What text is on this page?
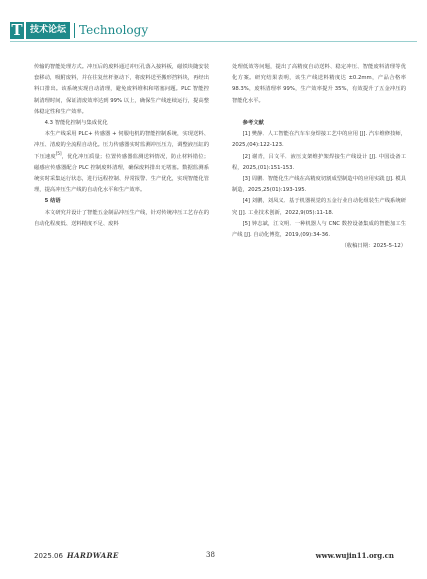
T 技术论坛	Technology

传输的智能处理方式。冲压后的废料通过冲压孔落入接料板，磁铁块随安装套移动，吸附废料，并在往复丝杆驱动下，将废料送至搬形挡料块，再经出料口排出。该系统实现自动清理，避免废料堆积和堵塞问题。PLC 智能控制清理时间，保证清废效率达到 99% 以上，确保生产线连续运行，提高整体稳定性和生产效率。

4.3 智能化控制与集成优化

本生产线采用 PLC+ 传感器 + 伺服电机的智能控制系统，实现送料、冲压、清废的全流程自动化。压力传感器实时监测冲压压力，调整液压缸的下压速度[5]，优化冲压质量；位置传感器监测送料情况，防止材料错位；磁感应传感器配合 PLC 控制废料清理，确保废料排出无堵塞。数据监测系统实时采集运行状态，进行远程控制、异常报警、生产优化，实现智能化管理，提高冲压生产线的自动化水平和生产效率。

5 结语

本文研究并设计了智能五金制品冲压生产线，针对传统冲压工艺存在的自动化程度低、送料精度不足、废料

处理低效等问题，提出了高精度自动送料、稳定冲压、智能废料清理等优化方案。研究结果表明，该生产线送料精度达 ±0.2mm，产品合格率 98.3%，废料清理率 99%，生产效率提升 35%，有效提升了五金冲压的智能化水平。

参考文献

[1] 樊静．人工智能在汽车车身焊接工艺中的应用 [J]. 汽车维修技师，2025,(04):122-123.

[2] 谢青，吕文平．液压支架维护架焊接生产线设计 [J]. 中国设备工程，2025,(01):151-153.

[3] 周鹏．智能化生产线在高精度切割成型制造中的应用实践 [J]. 模具制造，2025,25(01):193-195.

[4] 刘鹏，刘凤义．基于机器视觉的五金行业自动化组装生产线系统研究 [J]. 工业技术创新，2022,9(05):11-18.

[5] 钟志斌，江文明．一种机器人与 CNC 数控设备集成的智能加工生产线 [J]. 自动化博览，2019,(09):34-36.

（收稿日期：2025-5-12）

2025.06 HARDWARE	38	www.wujin11.org.cn
